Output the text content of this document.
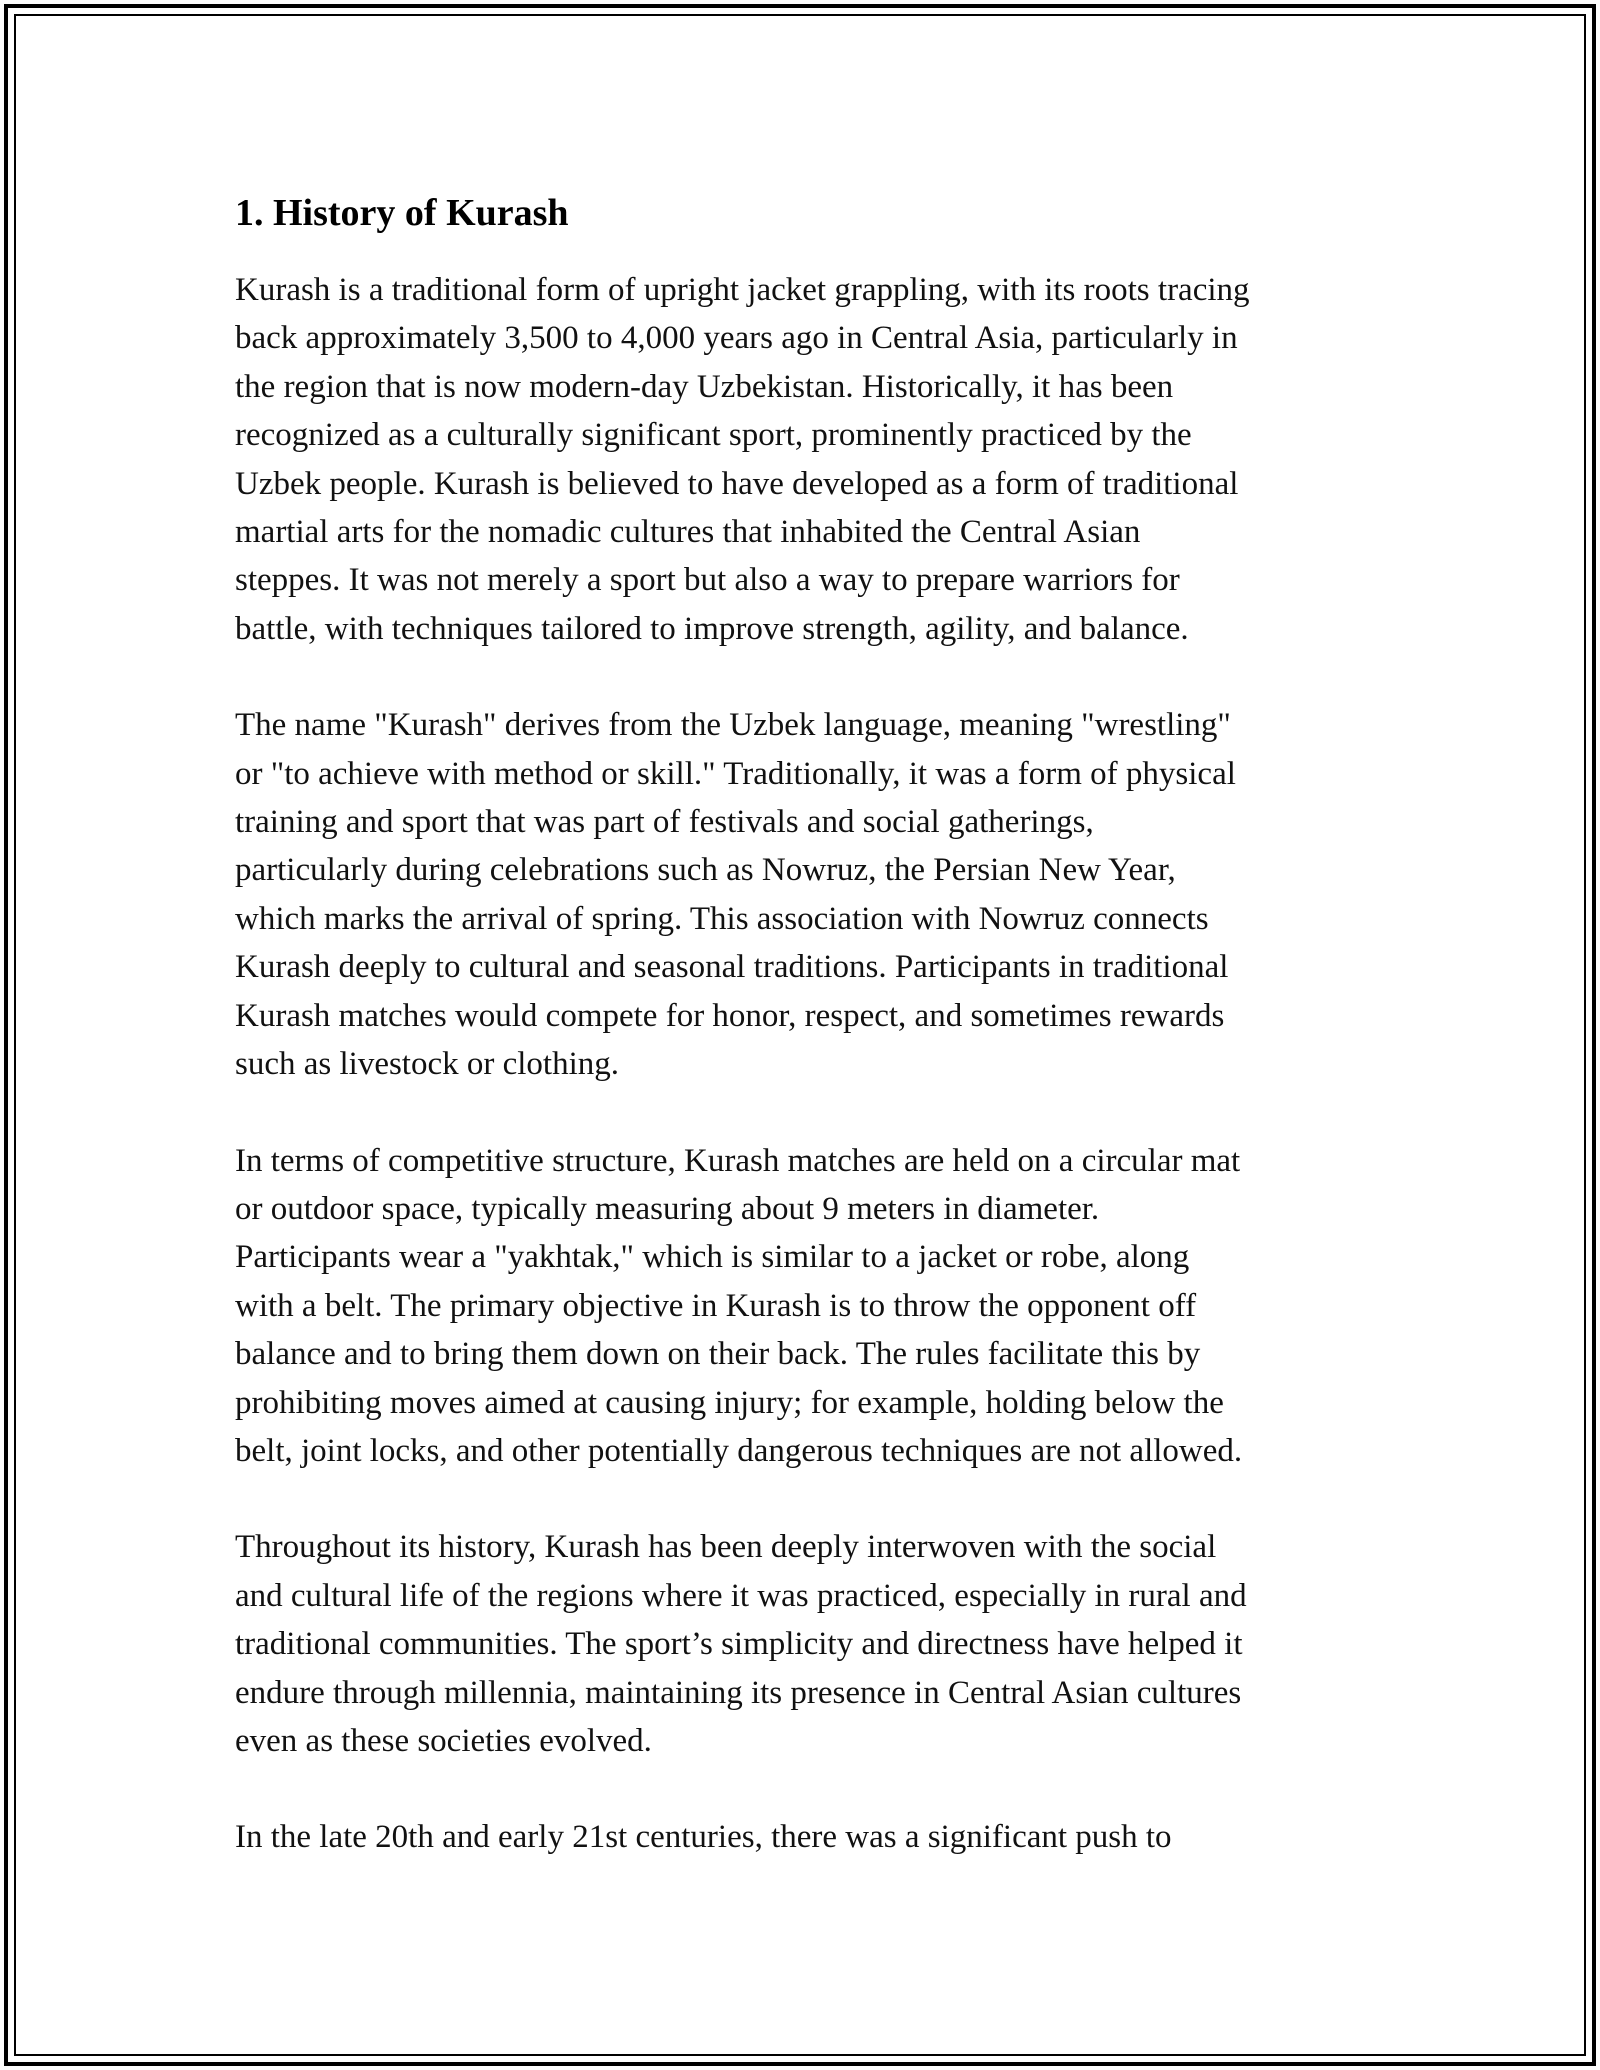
1. History of Kurash

Kurash is a traditional form of upright jacket grappling, with its roots tracing
back approximately 3,500 to 4,000 years ago in Central Asia, particularly in
the region that is now modern-day Uzbekistan. Historically, it has been
recognized as a culturally significant sport, prominently practiced by the
Uzbek people. Kurash is believed to have developed as a form of traditional
martial arts for the nomadic cultures that inhabited the Central Asian
steppes. It was not merely a sport but also a way to prepare warriors for
battle, with techniques tailored to improve strength, agility, and balance.

The name "Kurash" derives from the Uzbek language, meaning "wrestling"
or "to achieve with method or skill." Traditionally, it was a form of physical
training and sport that was part of festivals and social gatherings,
particularly during celebrations such as Nowruz, the Persian New Year,
which marks the arrival of spring. This association with Nowruz connects
Kurash deeply to cultural and seasonal traditions. Participants in traditional
Kurash matches would compete for honor, respect, and sometimes rewards
such as livestock or clothing.

In terms of competitive structure, Kurash matches are held on a circular mat
or outdoor space, typically measuring about 9 meters in diameter.
Participants wear a "yakhtak," which is similar to a jacket or robe, along
with a belt. The primary objective in Kurash is to throw the opponent off
balance and to bring them down on their back. The rules facilitate this by
prohibiting moves aimed at causing injury; for example, holding below the
belt, joint locks, and other potentially dangerous techniques are not allowed.

Throughout its history, Kurash has been deeply interwoven with the social
and cultural life of the regions where it was practiced, especially in rural and
traditional communities. The sport’s simplicity and directness have helped it
endure through millennia, maintaining its presence in Central Asian cultures
even as these societies evolved.

In the late 20th and early 21st centuries, there was a significant push to
